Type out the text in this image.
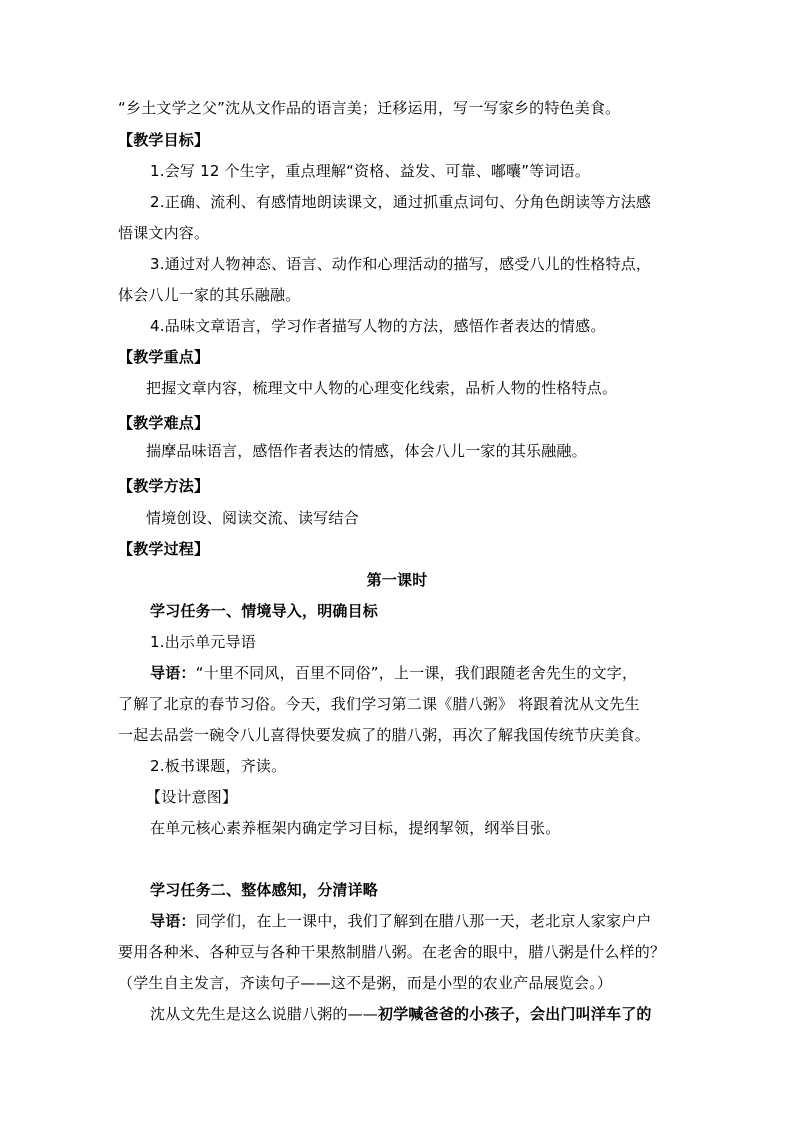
“乡土文学之父”沈从文作品的语言美；迁移运用，写一写家乡的特色美食。
【教学目标】
1.会写 12 个生字，重点理解“资格、益发、可靠、嘟囔”等词语。
2.正确、流利、有感情地朗读课文，通过抓重点词句、分角色朗读等方法感
悟课文内容。
3.通过对人物神态、语言、动作和心理活动的描写，感受八儿的性格特点，
体会八儿一家的其乐融融。
4.品味文章语言，学习作者描写人物的方法，感悟作者表达的情感。
【教学重点】
把握文章内容，梳理文中人物的心理变化线索，品析人物的性格特点。
【教学难点】
揣摩品味语言，感悟作者表达的情感，体会八儿一家的其乐融融。
【教学方法】
情境创设、阅读交流、读写结合
【教学过程】
第一课时
学习任务一、情境导入，明确目标
1.出示单元导语
导语：“十里不同风，百里不同俗”，上一课，我们跟随老舍先生的文字，
了解了北京的春节习俗。今天，我们学习第二课《腊八粥》 将跟着沈从文先生
一起去品尝一碗令八儿喜得快要发疯了的腊八粥，再次了解我国传统节庆美食。
2.板书课题，齐读。
【设计意图】
在单元核心素养框架内确定学习目标，提纲挈领，纲举目张。
学习任务二、整体感知，分清详略
导语：同学们，在上一课中，我们了解到在腊八那一天，老北京人家家户户
要用各种米、各种豆与各种干果熬制腊八粥。在老舍的眼中，腊八粥是什么样的？
（学生自主发言，齐读句子——这不是粥，而是小型的农业产品展览会。）
沈从文先生是这么说腊八粥的——初学喊爸爸的小孩子，会出门叫洋车了的
